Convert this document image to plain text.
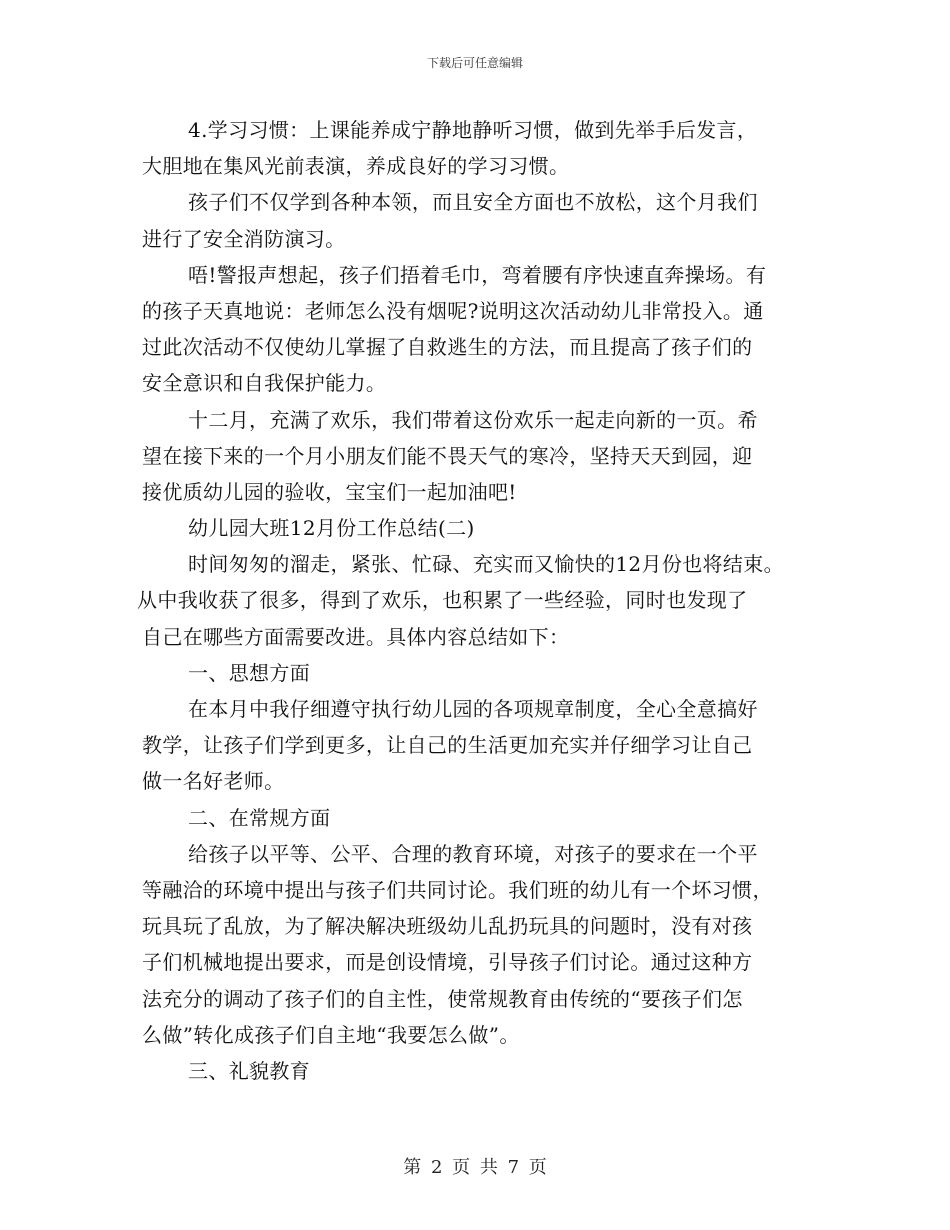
下载后可任意编辑
4.学习习惯：上课能养成宁静地静听习惯，做到先举手后发言，
大胆地在集风光前表演，养成良好的学习习惯。
孩子们不仅学到各种本领，而且安全方面也不放松，这个月我们
进行了安全消防演习。
唔!警报声想起，孩子们捂着毛巾，弯着腰有序快速直奔操场。有
的孩子天真地说：老师怎么没有烟呢?说明这次活动幼儿非常投入。通
过此次活动不仅使幼儿掌握了自救逃生的方法，而且提高了孩子们的
安全意识和自我保护能力。
十二月，充满了欢乐，我们带着这份欢乐一起走向新的一页。希
望在接下来的一个月小朋友们能不畏天气的寒冷，坚持天天到园，迎
接优质幼儿园的验收，宝宝们一起加油吧!
幼儿园大班12月份工作总结(二)
时间匆匆的溜走，紧张、忙碌、充实而又愉快的12月份也将结束。
从中我收获了很多，得到了欢乐，也积累了一些经验，同时也发现了
自己在哪些方面需要改进。具体内容总结如下：
一、思想方面
在本月中我仔细遵守执行幼儿园的各项规章制度，全心全意搞好
教学，让孩子们学到更多，让自己的生活更加充实并仔细学习让自己
做一名好老师。
二、在常规方面
给孩子以平等、公平、合理的教育环境，对孩子的要求在一个平
等融洽的环境中提出与孩子们共同讨论。我们班的幼儿有一个坏习惯，
玩具玩了乱放，为了解决解决班级幼儿乱扔玩具的问题时，没有对孩
子们机械地提出要求，而是创设情境，引导孩子们讨论。通过这种方
法充分的调动了孩子们的自主性，使常规教育由传统的“要孩子们怎
么做”转化成孩子们自主地“我要怎么做”。
三、礼貌教育
第 2 页 共 7 页
